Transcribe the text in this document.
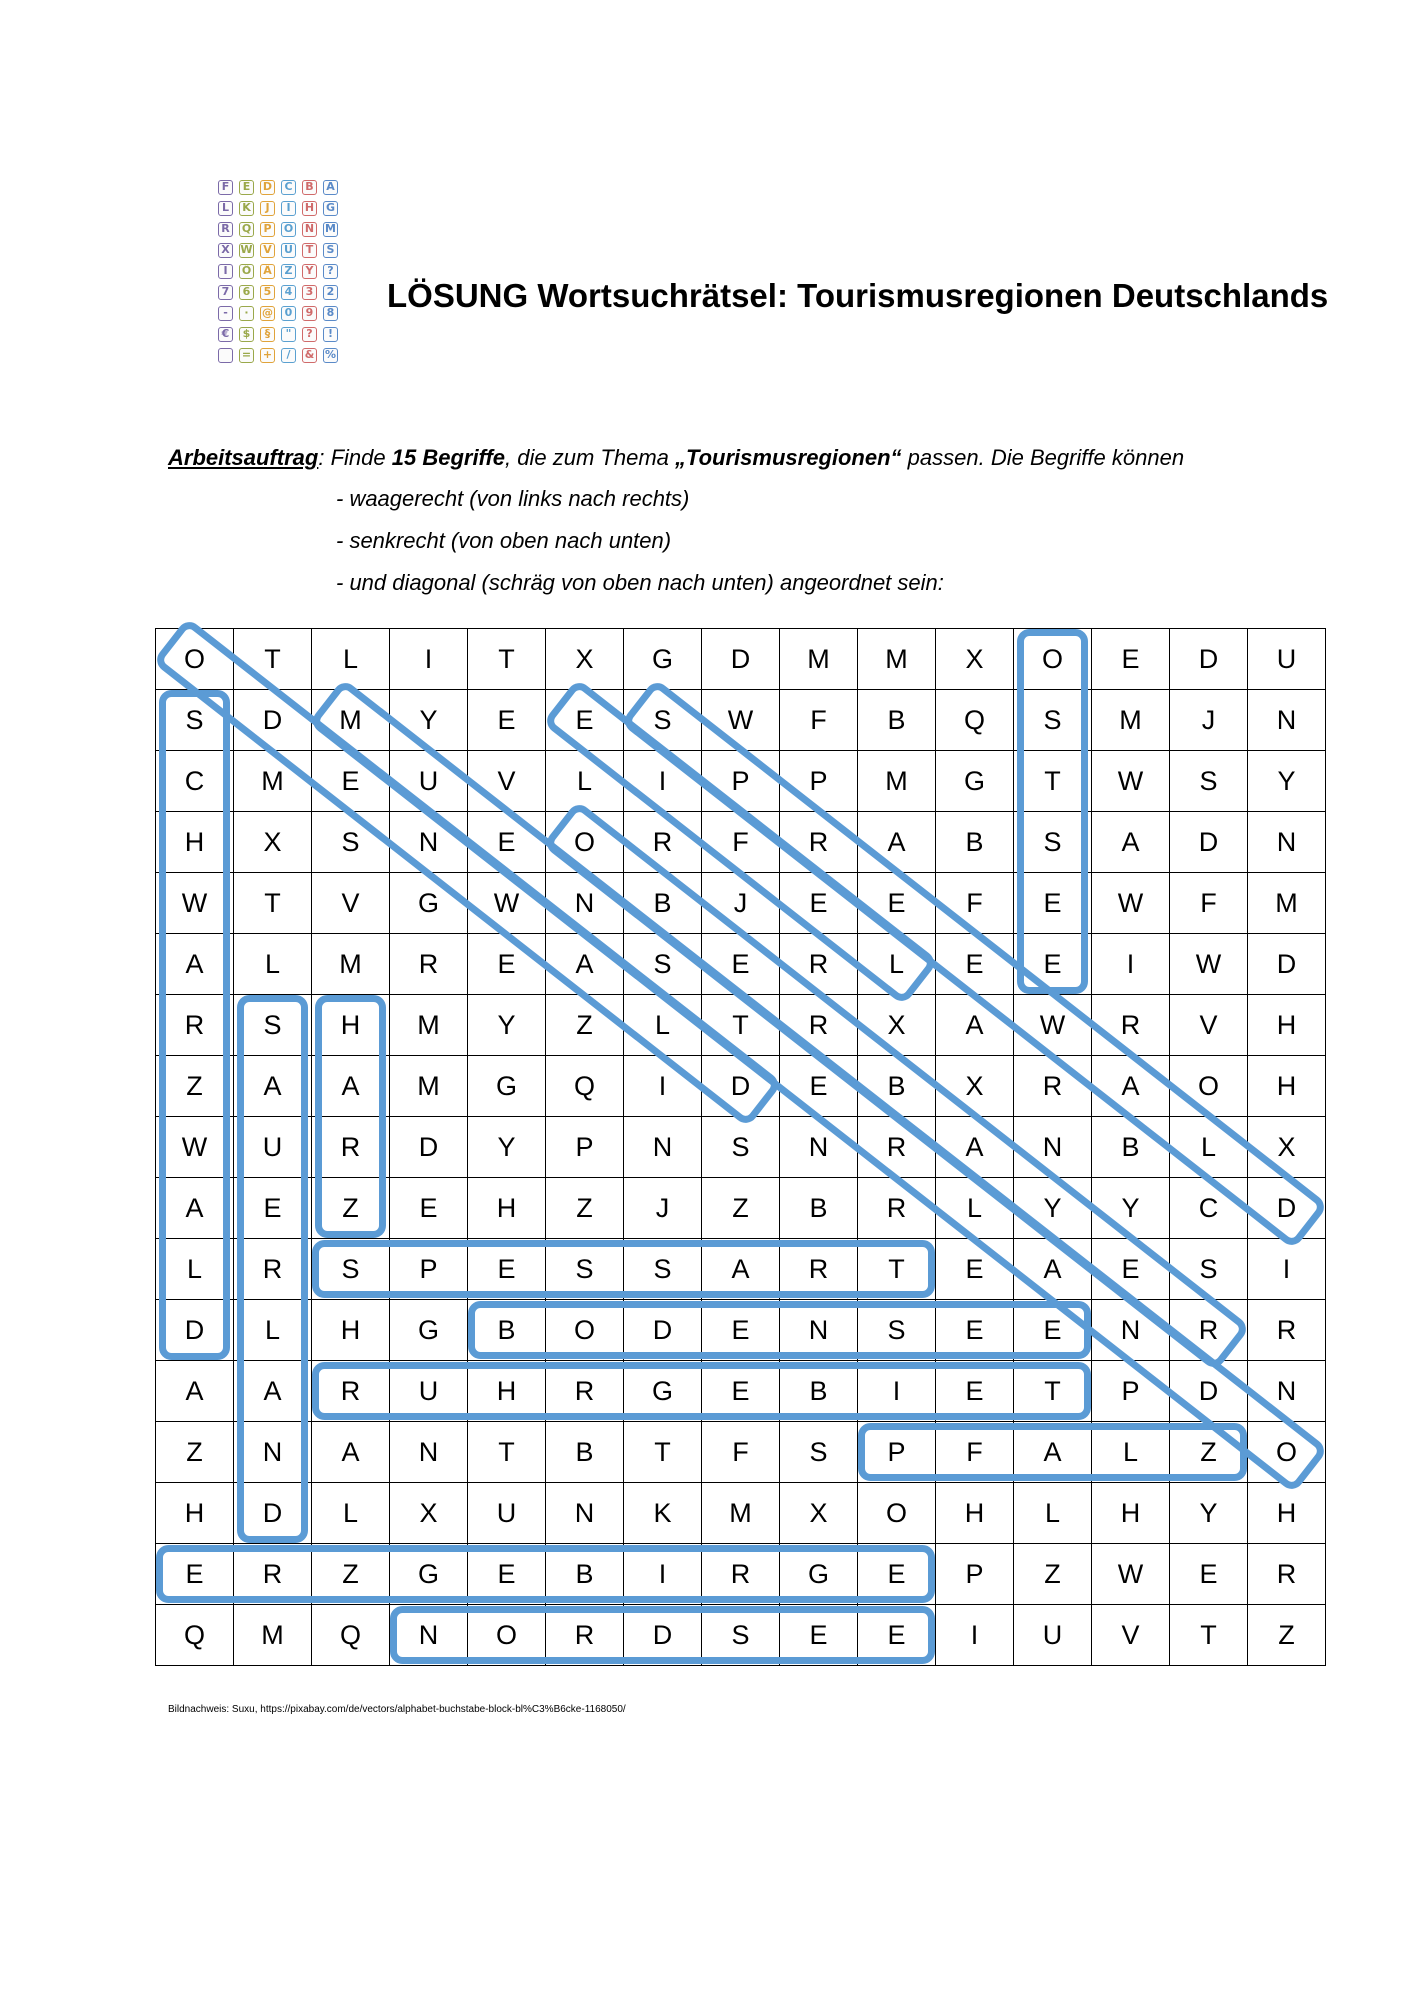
F	E	D	C	B	A
L	K	J	I	H G
R Q	P	O N M
X W V U	T	S
I	Ö Ä	Z	Y	?
7	6	5	4	3	2
-	·	@	0	9	8
€	$	§	"	?	!
= +	/	& %
LÖSUNG Wortsuchrätsel: Tourismusregionen Deutschlands
Arbeitsauftrag: Finde 15 Begriffe, die zum Thema „Tourismusregionen“ passen. Die Begriffe können
- waagerecht (von links nach rechts)
- senkrecht (von oben nach unten)
- und diagonal (schräg von oben nach unten) angeordnet sein:
O	T	L	I	T	X	G	D	M	M	X	O	E	D	U
S	D	M	Y	E	E	S	W	F	B	Q	S	M	J	N
C	M	E	U	V	L	I	P	P	M	G	T	W	S	Y
H	X	S	N	E	O	R	F	R	A	B	S	A	D	N
W	T	V	G	W	N	B	J	E	E	F	E	W	F	M
A	L	M	R	E	A	S	E	R	L	E	E	I	W	D
R	S	H	M	Y	Z	L	T	R	X	A	W	R	V	H
Z	A	A	M	G	Q	I	D	E	B	X	R	A	O	H
W	U	R	D	Y	P	N	S	N	R	A	N	B	L	X
A	E	Z	E	H	Z	J	Z	B	R	L	Y	Y	C	D
L	R	S	P	E	S	S	A	R	T	E	A	E	S	I
D	L	H	G	B	O	D	E	N	S	E	E	N	R	R
A	A	R	U	H	R	G	E	B	I	E	T	P	D	N
Z	N	A	N	T	B	T	F	S	P	F	A	L	Z	O
H	D	L	X	U	N	K	M	X	O	H	L	H	Y	H
E	R	Z	G	E	B	I	R	G	E	P	Z	W	E	R
Q	M	Q	N	O	R	D	S	E	E	I	U	V	T	Z
Bildnachweis: Suxu, https://pixabay.com/de/vectors/alphabet-buchstabe-block-bl%C3%B6cke-1168050/
